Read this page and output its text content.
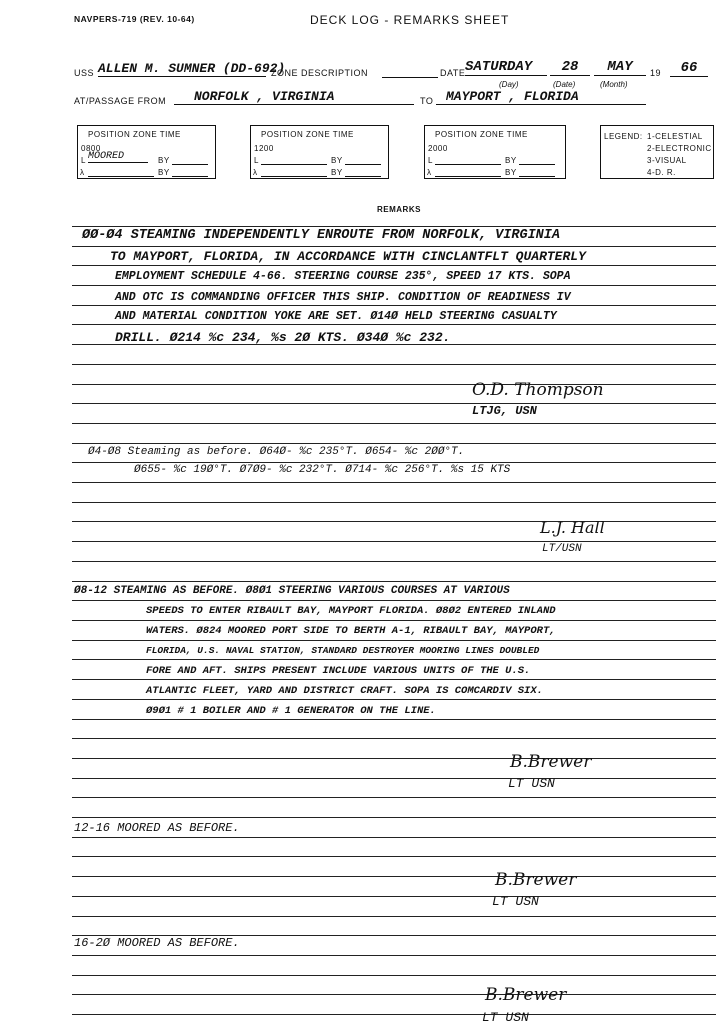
NAVPERS-719 (REV. 10-64)	DECK LOG - REMARKS SHEET
USS ALLEN M. SUMNER (DD-692)
ZONE DESCRIPTION	DATE SATURDAY	28	MAY	19	66
(Day)	(Date)	(Month)
AT/PASSAGE FROM	NORFOLK , VIRGINIA	TO MAYPORT , FLORIDA
POSITION ZONE TIME
0800
L MOORED	BY
λ	BY
POSITION ZONE TIME
1200
L	BY
λ	BY
POSITION ZONE TIME
2000
L	BY
λ	BY
LEGEND: 1-CELESTIAL
2-ELECTRONIC
3-VISUAL
4-D. R.
REMARKS
ØØ-Ø4 STEAMING INDEPENDENTLY ENROUTE FROM NORFOLK, VIRGINIA
TO MAYPORT, FLORIDA, IN ACCORDANCE WITH CINCLANTFLT QUARTERLY
EMPLOYMENT SCHEDULE 4-66. STEERING COURSE 235°, SPEED 17 KTS. SOPA
AND OTC IS COMMANDING OFFICER THIS SHIP. CONDITION OF READINESS IV
AND MATERIAL CONDITION YOKE ARE SET. Ø14Ø HELD STEERING CASUALTY
DRILL. Ø214 %c 234, %s 2Ø KTS. Ø34Ø %c 232.
Ø4-Ø8 Steaming as before. Ø64Ø- %c 235°T. Ø654- %c 2ØØ°T.
Ø655- %c 19Ø°T. Ø7Ø9- %c 232°T. Ø714- %c 256°T. %s 15 KTS
Ø8-12 STEAMING AS BEFORE. Ø8Ø1 STEERING VARIOUS COURSES AT VARIOUS
SPEEDS TO ENTER RIBAULT BAY, MAYPORT FLORIDA. Ø8Ø2 ENTERED INLAND
WATERS. Ø824 MOORED PORT SIDE TO BERTH A-1, RIBAULT BAY, MAYPORT,
FLORIDA, U.S. NAVAL STATION, STANDARD DESTROYER MOORING LINES DOUBLED
FORE AND AFT. SHIPS PRESENT INCLUDE VARIOUS UNITS OF THE U.S.
ATLANTIC FLEET, YARD AND DISTRICT CRAFT. SOPA IS COMCARDIV SIX.
Ø9Ø1 # 1 BOILER AND # 1 GENERATOR ON THE LINE.
12-16 MOORED AS BEFORE.
16-2Ø MOORED AS BEFORE.
O.D. Thompson
LTJG, USN
L.J. Hall
LT/USN
B.Brewer
LT USN
B.Brewer
LT USN
B.Brewer
LT USN
